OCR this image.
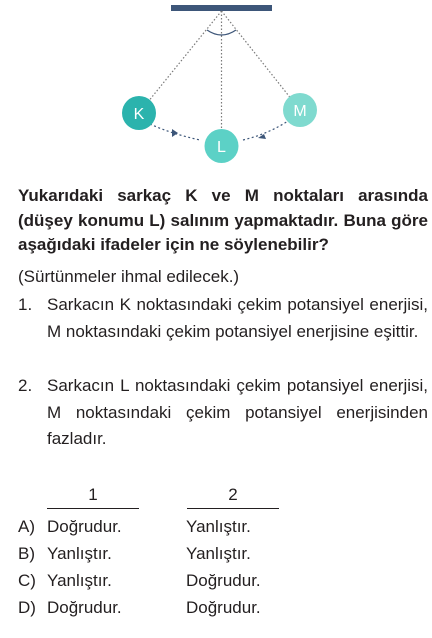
K
L
M

Yukarıdaki sarkaç K ve M noktaları arasında (düşey konumu L) salınım yapmaktadır. Buna göre aşağıdaki ifadeler için ne söylenebilir?

(Sürtünmeler ihmal edilecek.)

1. Sarkacın K noktasındaki çekim potansiyel enerjisi, M noktasındaki çekim potansiyel enerjisine eşittir.
2. Sarkacın L noktasındaki çekim potansiyel enerjisi, M noktasındaki çekim potansiyel enerjisinden fazladır.
1	2
A) Doğrudur.	Yanlıştır.
B) Yanlıştır.	Yanlıştır.
C) Yanlıştır.	Doğrudur.
D) Doğrudur.	Doğrudur.
